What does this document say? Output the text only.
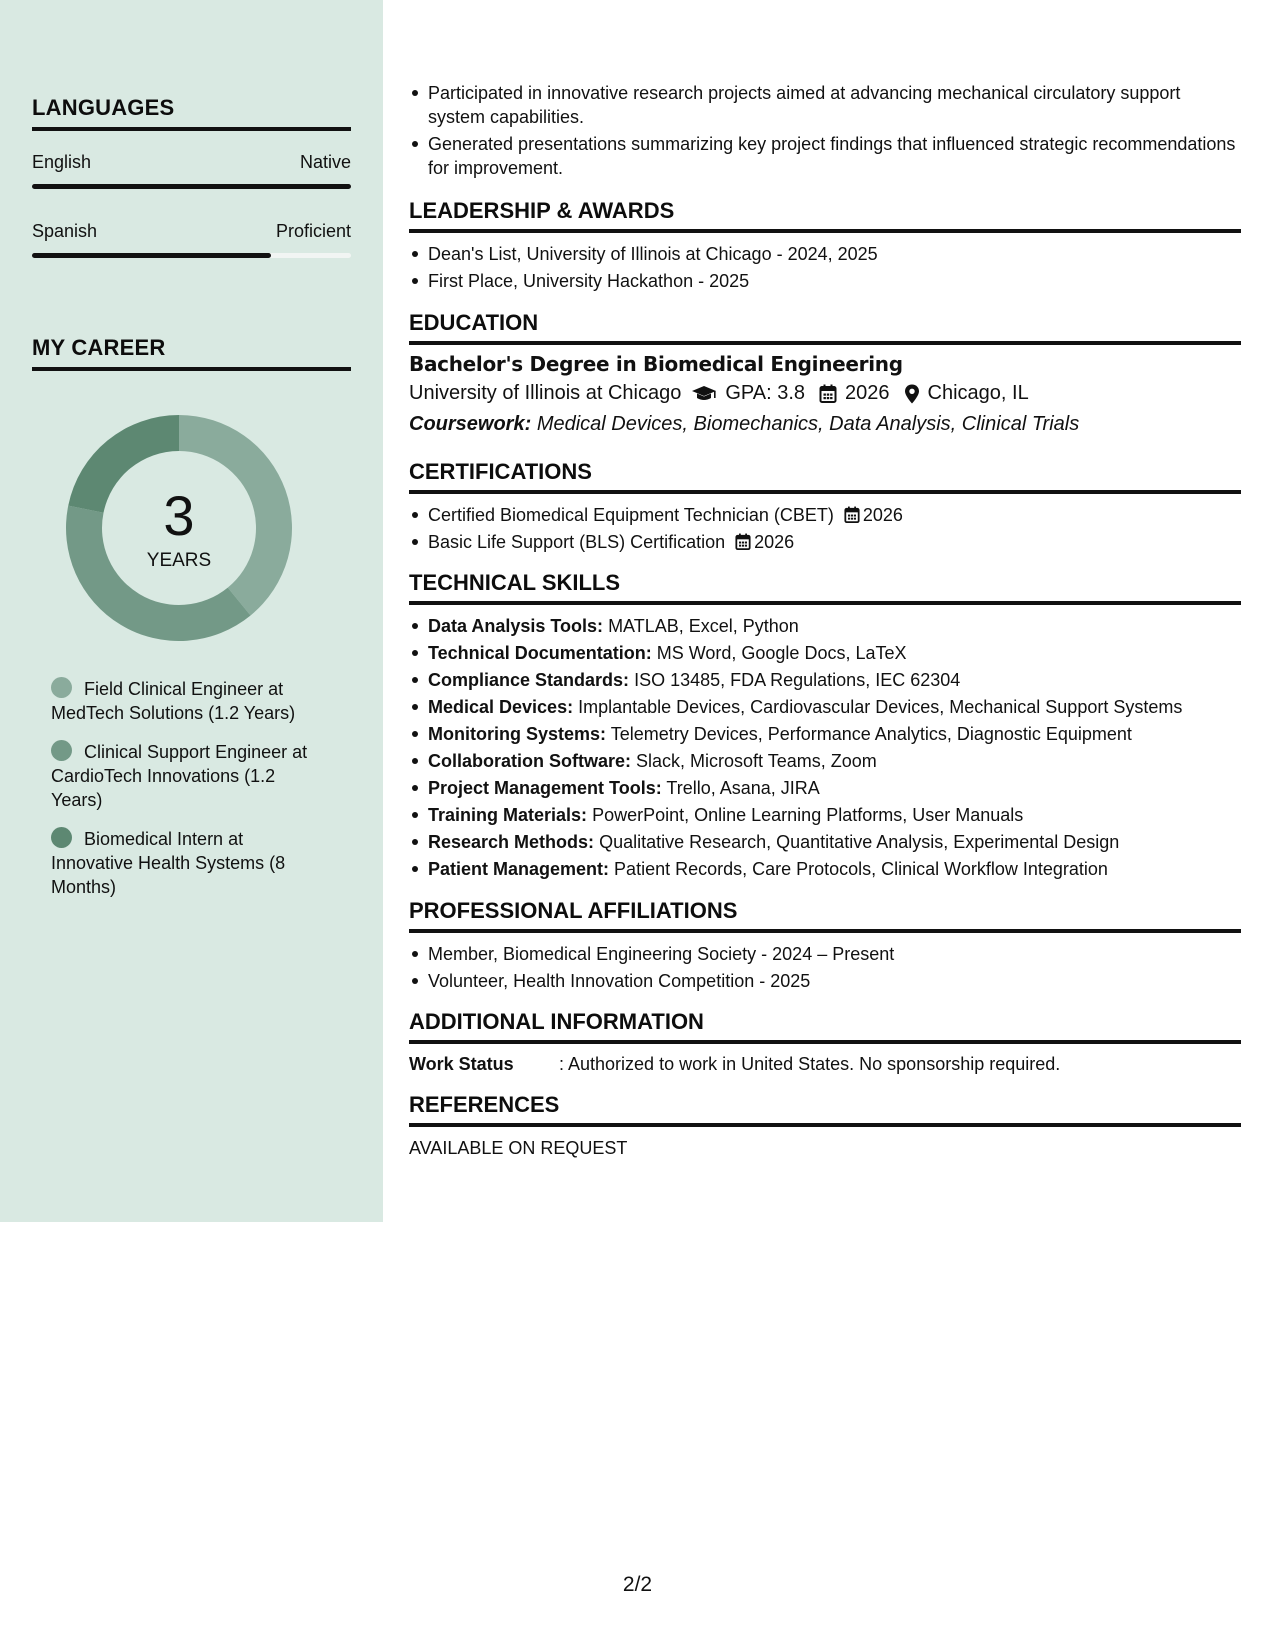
LANGUAGES
English	Native
Spanish	Proficient
MY CAREER
3
YEARS
Field Clinical Engineer at MedTech Solutions (1.2 Years)
Clinical Support Engineer at CardioTech Innovations (1.2 Years)
Biomedical Intern at Innovative Health Systems (8 Months)
Participated in innovative research projects aimed at advancing mechanical circulatory support system capabilities.
Generated presentations summarizing key project findings that influenced strategic recommendations for improvement.
LEADERSHIP & AWARDS
Dean's List, University of Illinois at Chicago - 2024, 2025
First Place, University Hackathon - 2025
EDUCATION
Bachelor's Degree in Biomedical Engineering
University of Illinois at Chicago GPA: 3.8 2026 Chicago, IL
Coursework: Medical Devices, Biomechanics, Data Analysis, Clinical Trials
CERTIFICATIONS
Certified Biomedical Equipment Technician (CBET) 2026
Basic Life Support (BLS) Certification 2026
TECHNICAL SKILLS
Data Analysis Tools: MATLAB, Excel, Python
Technical Documentation: MS Word, Google Docs, LaTeX
Compliance Standards: ISO 13485, FDA Regulations, IEC 62304
Medical Devices: Implantable Devices, Cardiovascular Devices, Mechanical Support Systems
Monitoring Systems: Telemetry Devices, Performance Analytics, Diagnostic Equipment
Collaboration Software: Slack, Microsoft Teams, Zoom
Project Management Tools: Trello, Asana, JIRA
Training Materials: PowerPoint, Online Learning Platforms, User Manuals
Research Methods: Qualitative Research, Quantitative Analysis, Experimental Design
Patient Management: Patient Records, Care Protocols, Clinical Workflow Integration
PROFESSIONAL AFFILIATIONS
Member, Biomedical Engineering Society - 2024 – Present
Volunteer, Health Innovation Competition - 2025
ADDITIONAL INFORMATION
Work Status	: Authorized to work in United States. No sponsorship required.
REFERENCES
AVAILABLE ON REQUEST
2/2
